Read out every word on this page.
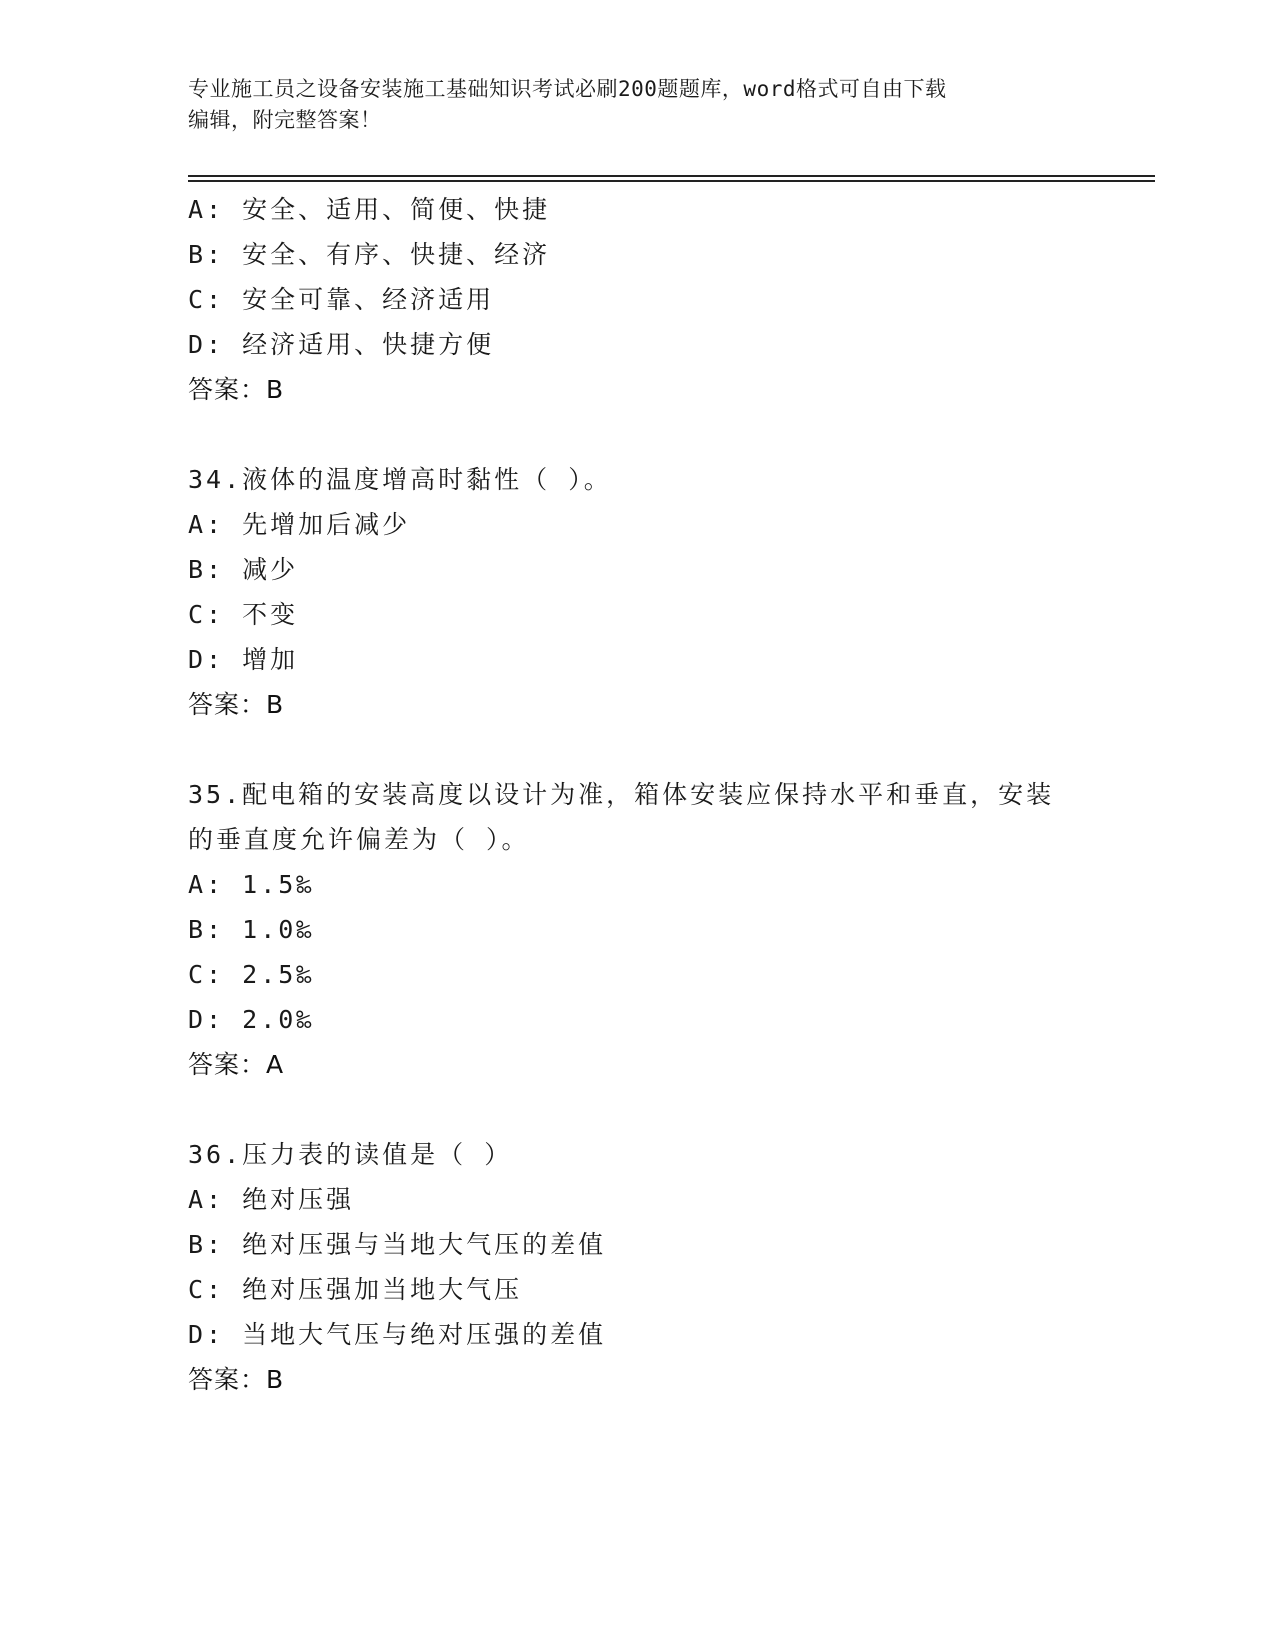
专业施工员之设备安装施工基础知识考试必刷200题题库，word格式可自由下载
编辑，附完整答案！
A: 安全、适用、简便、快捷
B: 安全、有序、快捷、经济
C: 安全可靠、经济适用
D: 经济适用、快捷方便
答案：B
34.液体的温度增高时黏性（ ）。
A: 先增加后减少
B: 减少
C: 不变
D: 增加
答案：B
35.配电箱的安装高度以设计为准，箱体安装应保持水平和垂直，安装
的垂直度允许偏差为（ ）。
A: 1.5‰
B: 1.0‰
C: 2.5‰
D: 2.0‰
答案：A
36.压力表的读值是（ ）
A: 绝对压强
B: 绝对压强与当地大气压的差值
C: 绝对压强加当地大气压
D: 当地大气压与绝对压强的差值
答案：B
